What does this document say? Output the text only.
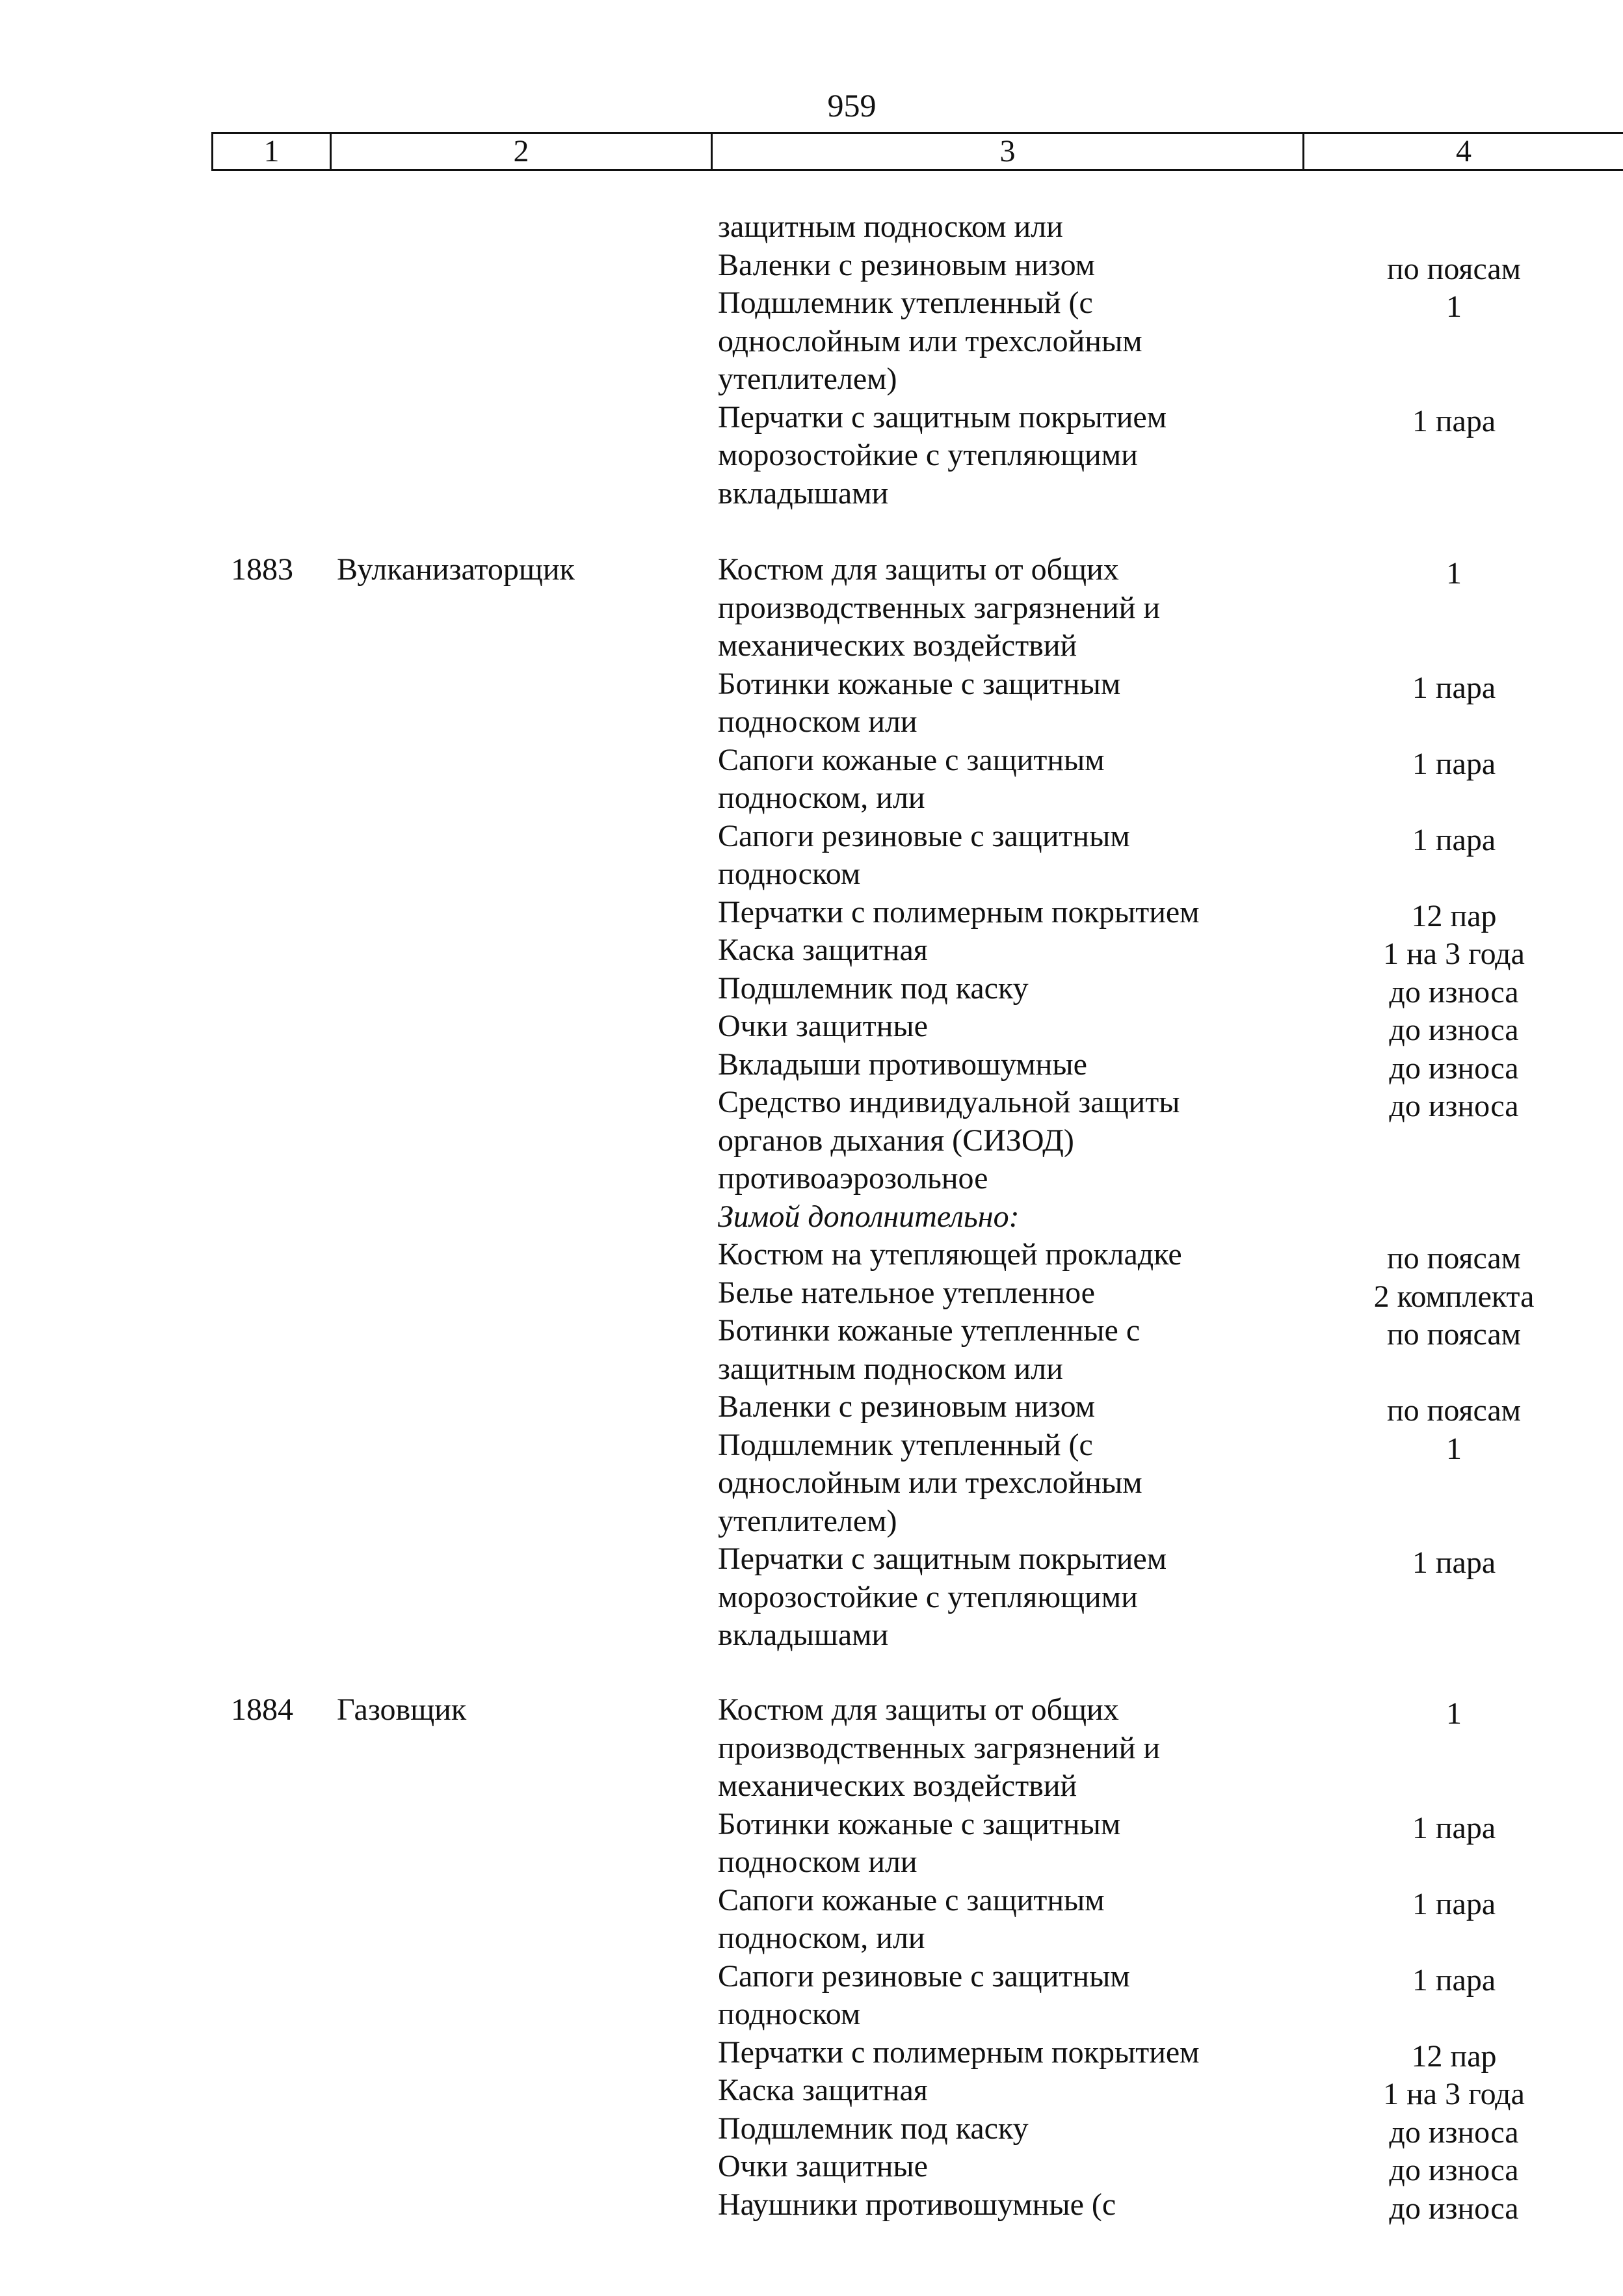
959
1	2	3	4
защитным подноском или
Валенки с резиновым низом	по поясам
Подшлемник утепленный (с
однослойным или трехслойным
утеплителем)
1
Перчатки с защитным покрытием
морозостойкие с утепляющими
вкладышами
1 пара
1883 Вулканизаторщик	Костюм для защиты от общих
производственных загрязнений и
механических воздействий
1
Ботинки кожаные с защитным
подноском или
1 пара
Сапоги кожаные с защитным
подноском, или
1 пара
Сапоги резиновые с защитным
подноском
1 пара
Перчатки с полимерным покрытием	12 пар
Каска защитная	1 на 3 года
Подшлемник под каску	до износа
Очки защитные	до износа
Вкладыши противошумные	до износа
Средство индивидуальной защиты
органов дыхания (СИЗОД)
противоаэрозольное
до износа
Зимой дополнительно:
Костюм на утепляющей прокладке	по поясам
Белье нательное утепленное	2 комплекта
Ботинки кожаные утепленные с
защитным подноском или
по поясам
Валенки с резиновым низом	по поясам
Подшлемник утепленный (с
однослойным или трехслойным
утеплителем)
1
Перчатки с защитным покрытием
морозостойкие с утепляющими
вкладышами
1 пара
1884 Газовщик	Костюм для защиты от общих
производственных загрязнений и
механических воздействий
1
Ботинки кожаные с защитным
подноском или
1 пара
Сапоги кожаные с защитным
подноском, или
1 пара
Сапоги резиновые с защитным
подноском
1 пара
Перчатки с полимерным покрытием	12 пар
Каска защитная	1 на 3 года
Подшлемник под каску	до износа
Очки защитные	до износа
Наушники противошумные (с	до износа
